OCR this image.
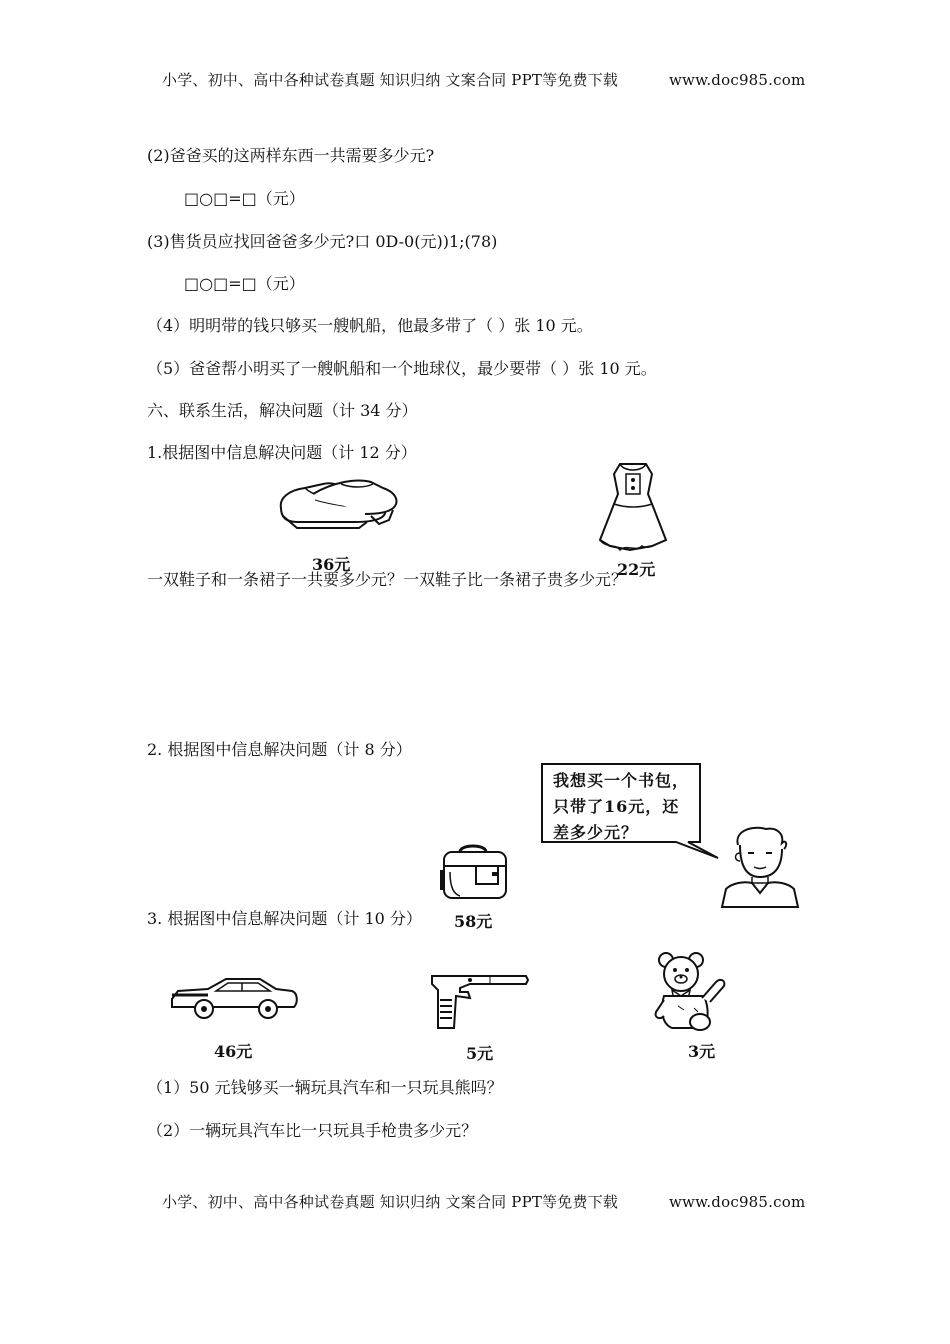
小学、初中、高中各种试卷真题 知识归纳 文案合同 PPT等免费下载	www.doc985.com
(2)爸爸买的这两样东西一共需要多少元?
□○□=□（元）
(3)售货员应找回爸爸多少元?口 0D-0(元))1;(78)
□○□=□（元）
（4）明明带的钱只够买一艘帆船，他最多带了（ ）张 10 元。
（5）爸爸帮小明买了一艘帆船和一个地球仪，最少要带（ ）张 10 元。
六、联系生活，解决问题（计 34 分）
1.根据图中信息解决问题（计 12 分）
36元	22元
一双鞋子和一条裙子一共要多少元？一双鞋子比一条裙子贵多少元？
2. 根据图中信息解决问题（计 8 分）
我想买一个书包，
只带了16元，还
差多少元？
58元
3. 根据图中信息解决问题（计 10 分）
46元	5元	3元
（1）50 元钱够买一辆玩具汽车和一只玩具熊吗？
（2）一辆玩具汽车比一只玩具手枪贵多少元？
小学、初中、高中各种试卷真题 知识归纳 文案合同 PPT等免费下载	www.doc985.com
